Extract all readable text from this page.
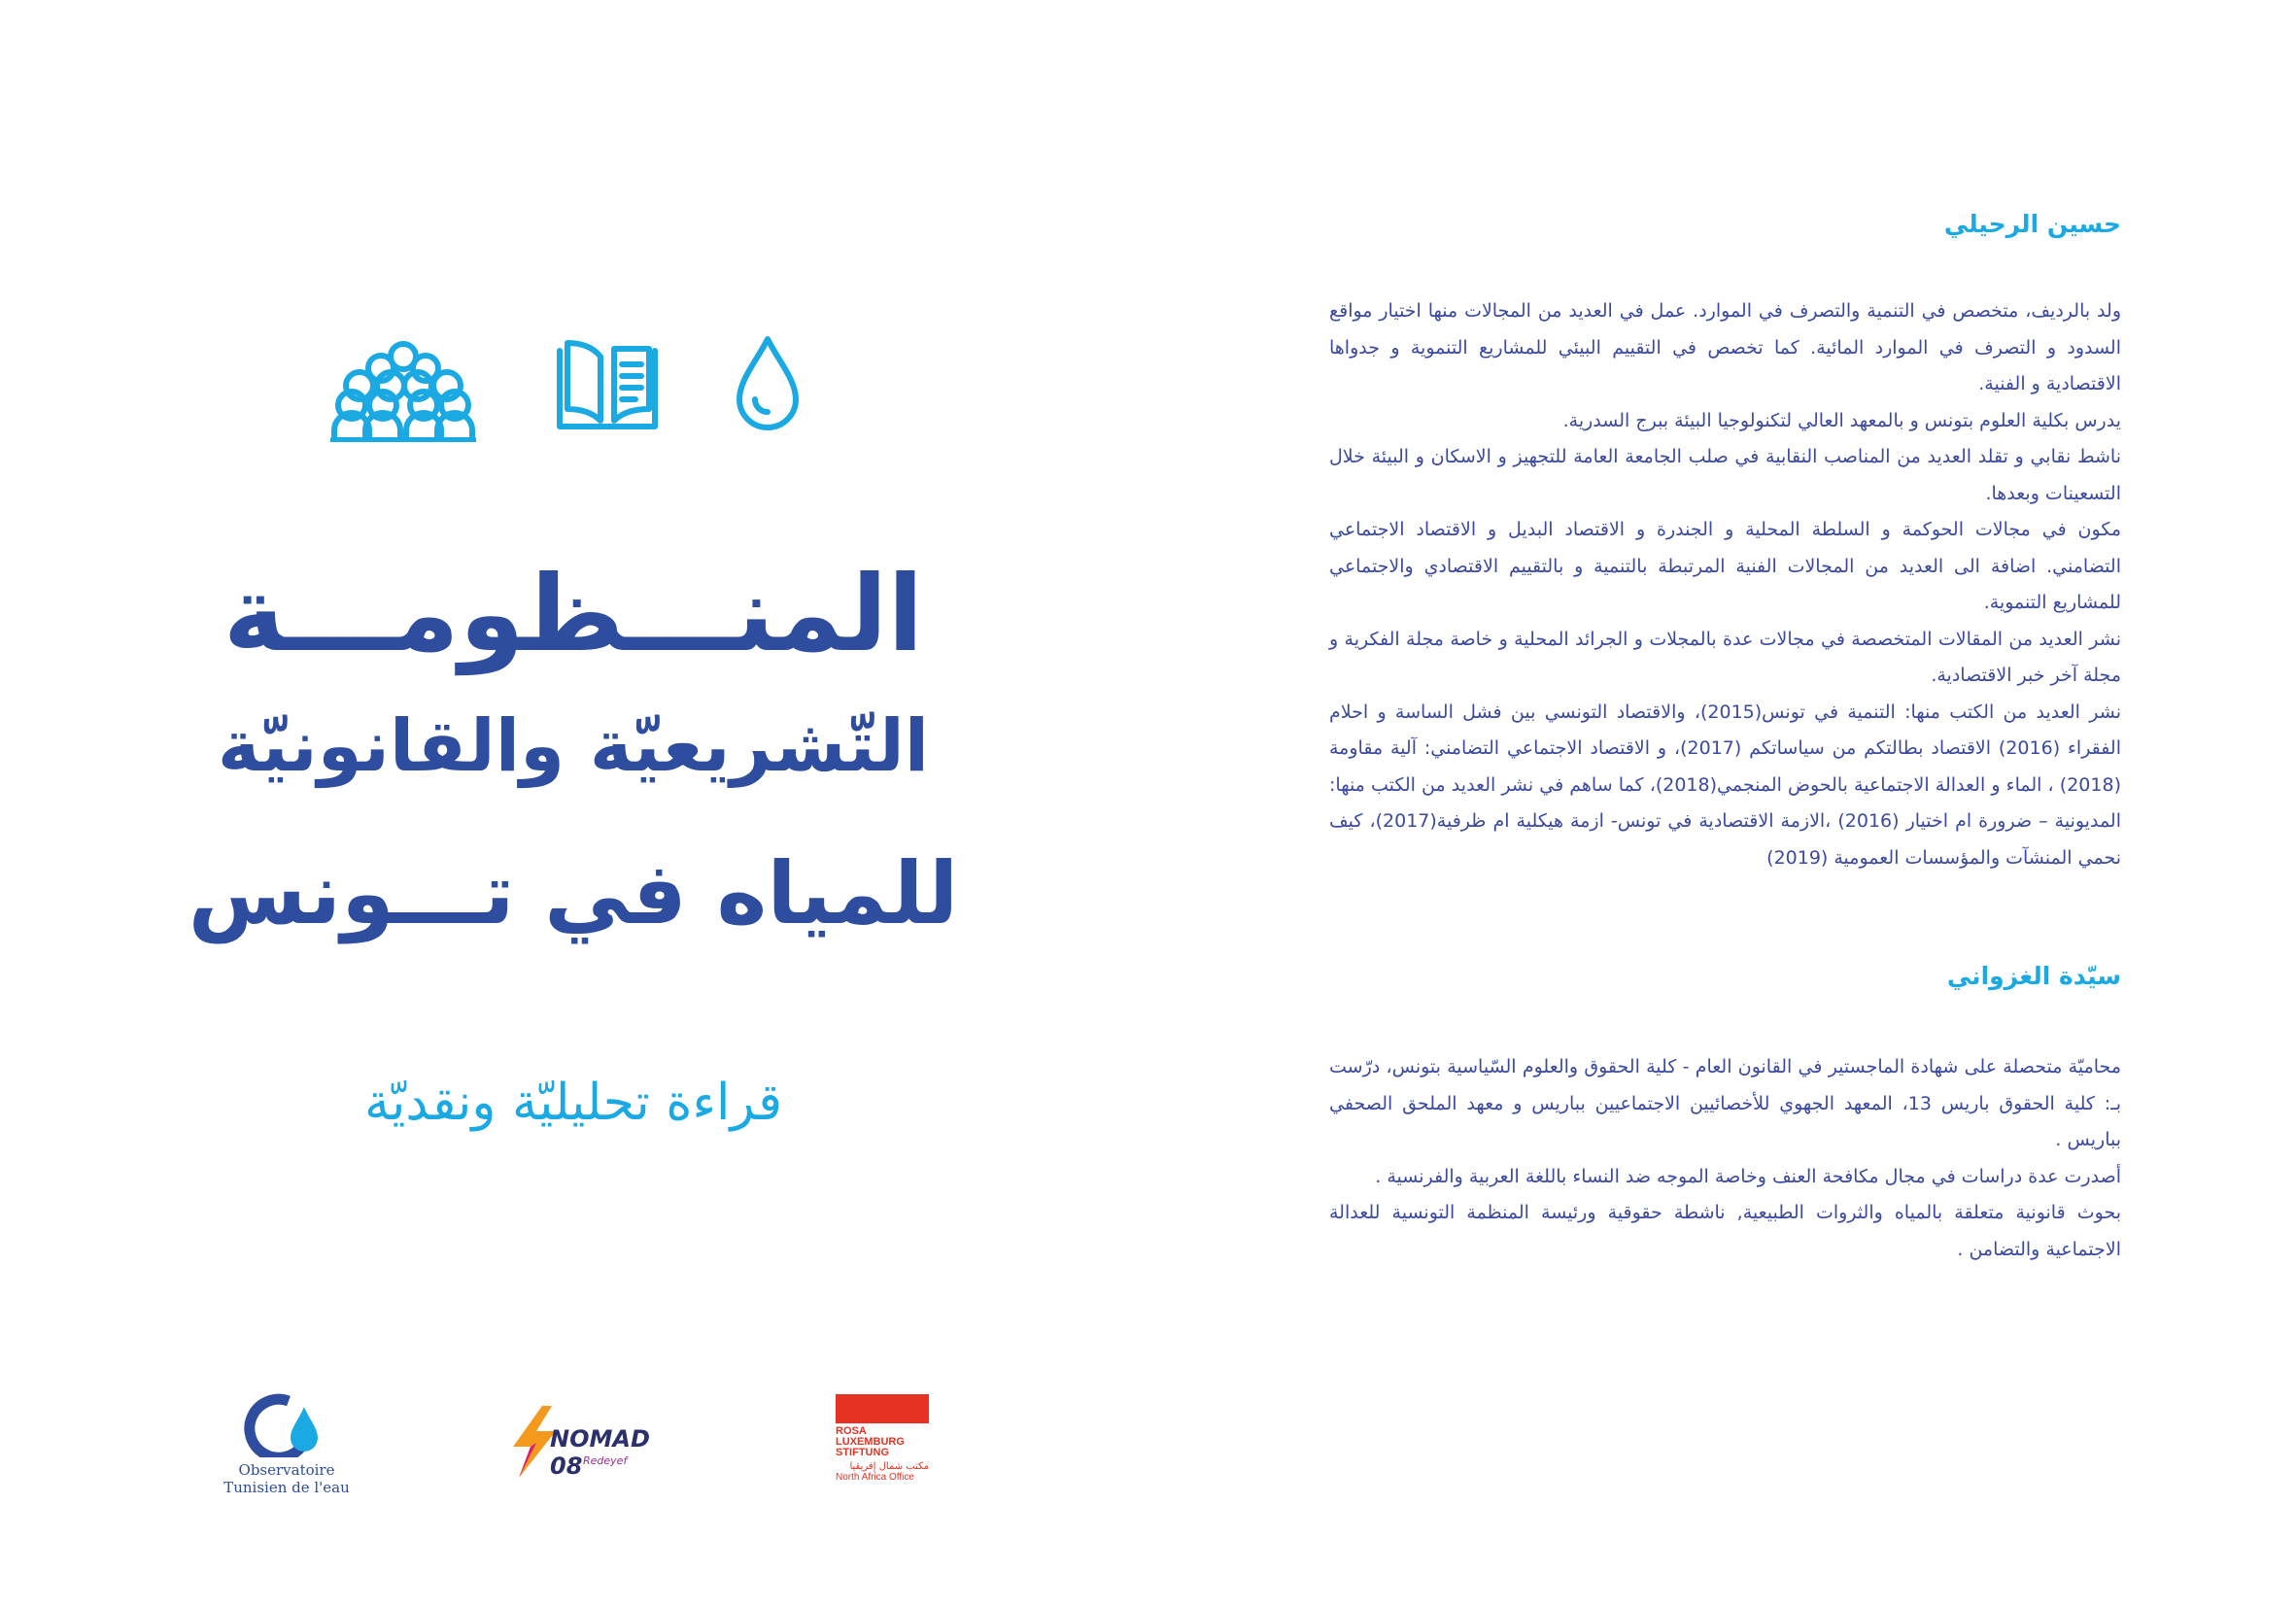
المنـــظومـــة
التّشريعيّة والقانونيّة
للمياه في تـــونس
قراءة تحليليّة ونقديّة
Observatoire
Tunisien de l'eau
NOMAD 08 Redeyef
ROSA
LUXEMBURG
STIFTUNG
مكتب شمال إفريقيا
North Africa Office
حسين الرحيلي

ولد بالرديف، متخصص في التنمية والتصرف في الموارد. عمل في العديد من المجالات منها اختيار مواقع السدود و التصرف في الموارد المائية. كما تخصص في التقييم البيئي للمشاريع التنموية و جدواها الاقتصادية و الفنية.

يدرس بكلية العلوم بتونس و بالمعهد العالي لتكنولوجيا البيئة ببرج السدرية.

ناشط نقابي و تقلد العديد من المناصب النقابية في صلب الجامعة العامة للتجهيز و الاسكان و البيئة خلال التسعينات وبعدها.

مكون في مجالات الحوكمة و السلطة المحلية و الجندرة و الاقتصاد البديل و الاقتصاد الاجتماعي التضامني. اضافة الى العديد من المجالات الفنية المرتبطة بالتنمية و بالتقييم الاقتصادي والاجتماعي للمشاريع التنموية.

نشر العديد من المقالات المتخصصة في مجالات عدة بالمجلات و الجرائد المحلية و خاصة مجلة الفكرية و مجلة آخر خبر الاقتصادية.

نشر العديد من الكتب منها: التنمية في تونس(2015)، والاقتصاد التونسي بين فشل الساسة و احلام الفقراء (2016) الاقتصاد بطالتكم من سياساتكم (2017)، و الاقتصاد الاجتماعي التضامني: آلية مقاومة (2018) ، الماء و العدالة الاجتماعية بالحوض المنجمي(2018)، كما ساهم في نشر العديد من الكتب منها: المديونية – ضرورة ام اختيار (2016) ،الازمة الاقتصادية في تونس- ازمة هيكلية ام ظرفية(2017)، كيف نحمي المنشآت والمؤسسات العمومية (2019)

سيّدة الغزواني

محاميّة متحصلة على شهادة الماجستير في القانون العام - كلية الحقوق والعلوم السّياسية بتونس، درّست بـ: كلية الحقوق باريس 13، المعهد الجهوي للأخصائيين الاجتماعيين بباريس و معهد الملحق الصحفي بباريس .

أصدرت عدة دراسات في مجال مكافحة العنف وخاصة الموجه ضد النساء باللغة العربية والفرنسية .

بحوث قانونية متعلقة بالمياه والثروات الطبيعية, ناشطة حقوقية ورئيسة المنظمة التونسية للعدالة الاجتماعية والتضامن .
